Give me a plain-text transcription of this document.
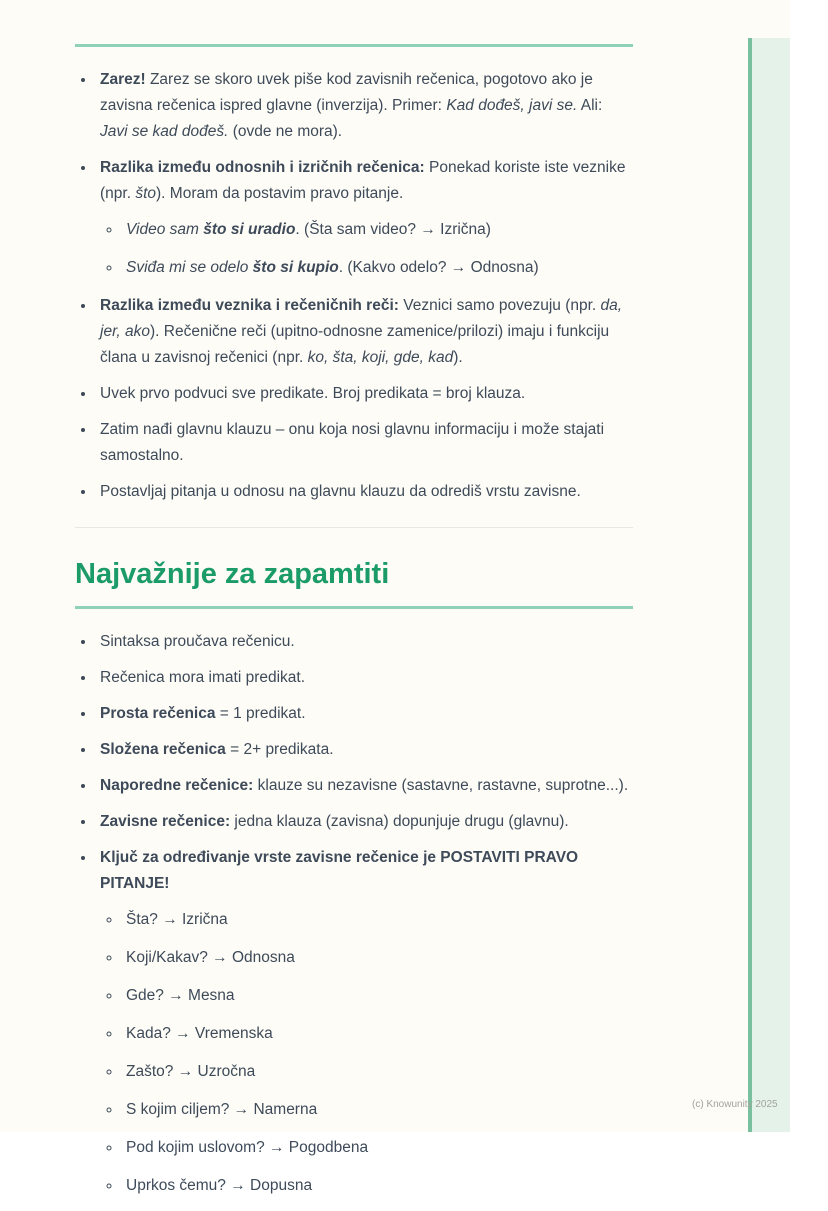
• Zarez! Zarez se skoro uvek piše kod zavisnih rečenica, pogotovo ako je zavisna rečenica ispred glavne (inverzija). Primer: Kad dođeš, javi se. Ali: Javi se kad dođeš. (ovde ne mora).
• Razlika između odnosnih i izričnih rečenica: Ponekad koriste iste veznike (npr. što). Moram da postavim pravo pitanje.
◦ Video sam što si uradio. (Šta sam video? → Izrična)
◦ Sviđa mi se odelo što si kupio. (Kakvo odelo? → Odnosna)
• Razlika između veznika i rečeničnih reči: Veznici samo povezuju (npr. da, jer, ako). Rečenične reči (upitno-odnosne zamenice/prilozi) imaju i funkciju člana u zavisnoj rečenici (npr. ko, šta, koji, gde, kad).
• Uvek prvo podvuci sve predikate. Broj predikata = broj klauza.
• Zatim nađi glavnu klauzu – onu koja nosi glavnu informaciju i može stajati samostalno.
• Postavljaj pitanja u odnosu na glavnu klauzu da odrediš vrstu zavisne.
Najvažnije za zapamtiti
• Sintaksa proučava rečenicu.
• Rečenica mora imati predikat.
• Prosta rečenica = 1 predikat.
• Složena rečenica = 2+ predikata.
• Naporedne rečenice: klauze su nezavisne (sastavne, rastavne, suprotne...).
• Zavisne rečenice: jedna klauza (zavisna) dopunjuje drugu (glavnu).
• Ključ za određivanje vrste zavisne rečenice je POSTAVITI PRAVO PITANJE!
◦ Šta? → Izrična
◦ Koji/Kakav? → Odnosna
◦ Gde? → Mesna
◦ Kada? → Vremenska
◦ Zašto? → Uzročna
◦ S kojim ciljem? → Namerna
◦ Pod kojim uslovom? → Pogodbena
◦ Uprkos čemu? → Dopusna
(c) Knowunity 2025
